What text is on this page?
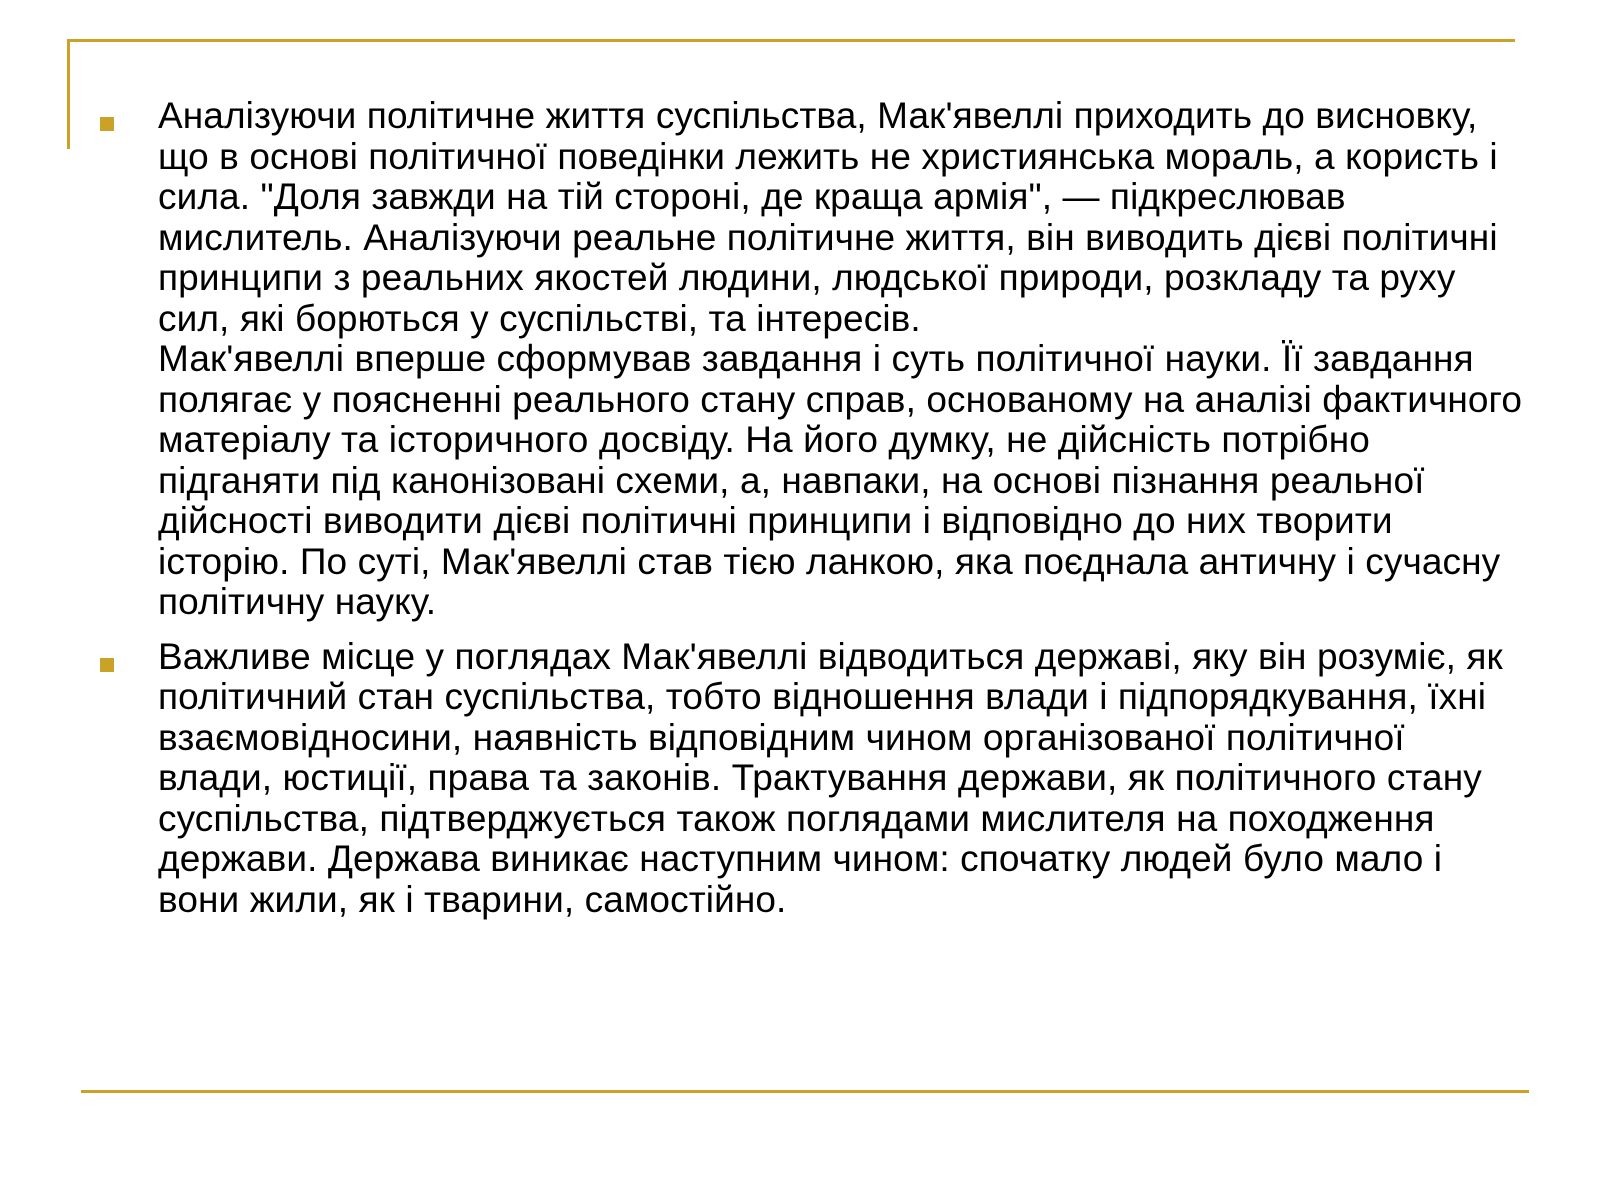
Аналізуючи політичне життя суспільства, Мак'явеллі приходить до висновку, що в основі політичної поведінки лежить не християнська мораль, а користь і сила. "Доля завжди на тій стороні, де краща армія", — підкреслював мислитель. Аналізуючи реальне політичне життя, він виводить дієві політичні принципи з реальних якостей людини, людської природи, розкладу та руху сил, які борються у суспільстві, та інтересів.

Мак'явеллі вперше сформував завдання і суть політичної науки. Її завдання полягає у поясненні реального стану справ, основаному на аналізі фактичного матеріалу та історичного досвіду. На його думку, не дійсність потрібно підганяти під канонізовані схеми, а, навпаки, на основі пізнання реальної дійсності виводити дієві політичні принципи і відповідно до них творити історію. По суті, Мак'явеллі став тією ланкою, яка поєднала античну і сучасну політичну науку.

Важливе місце у поглядах Мак'явеллі відводиться державі, яку він розуміє, як політичний стан суспільства, тобто відношення влади і підпорядкування, їхні взаємовідносини, наявність відповідним чином організованої політичної влади, юстиції, права та законів. Трактування держави, як політичного стану суспільства, підтверджується також поглядами мислителя на походження держави. Держава виникає наступним чином: спочатку людей було мало і вони жили, як і тварини, самостійно.
